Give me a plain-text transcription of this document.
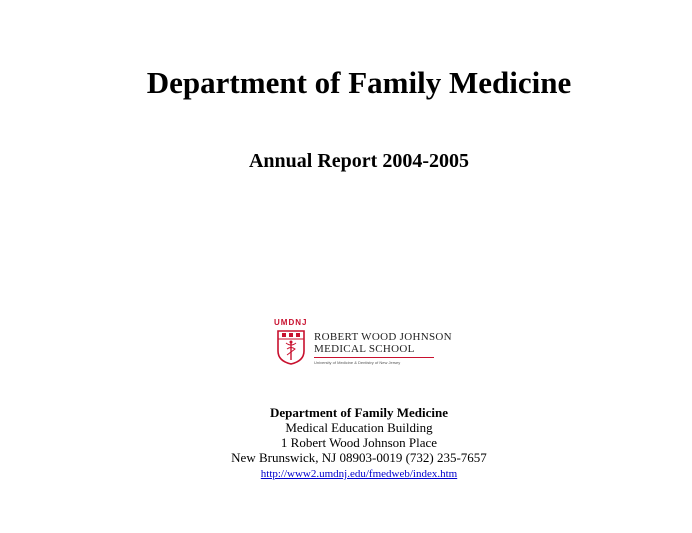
Department of Family Medicine
Annual Report 2004-2005
UMDNJ
ROBERT WOOD JOHNSON
MEDICAL SCHOOL
University of Medicine & Dentistry of New Jersey
Department of Family Medicine
Medical Education Building
1 Robert Wood Johnson Place
New Brunswick, NJ 08903-0019 (732) 235-7657
http://www2.umdnj.edu/fmedweb/index.htm
